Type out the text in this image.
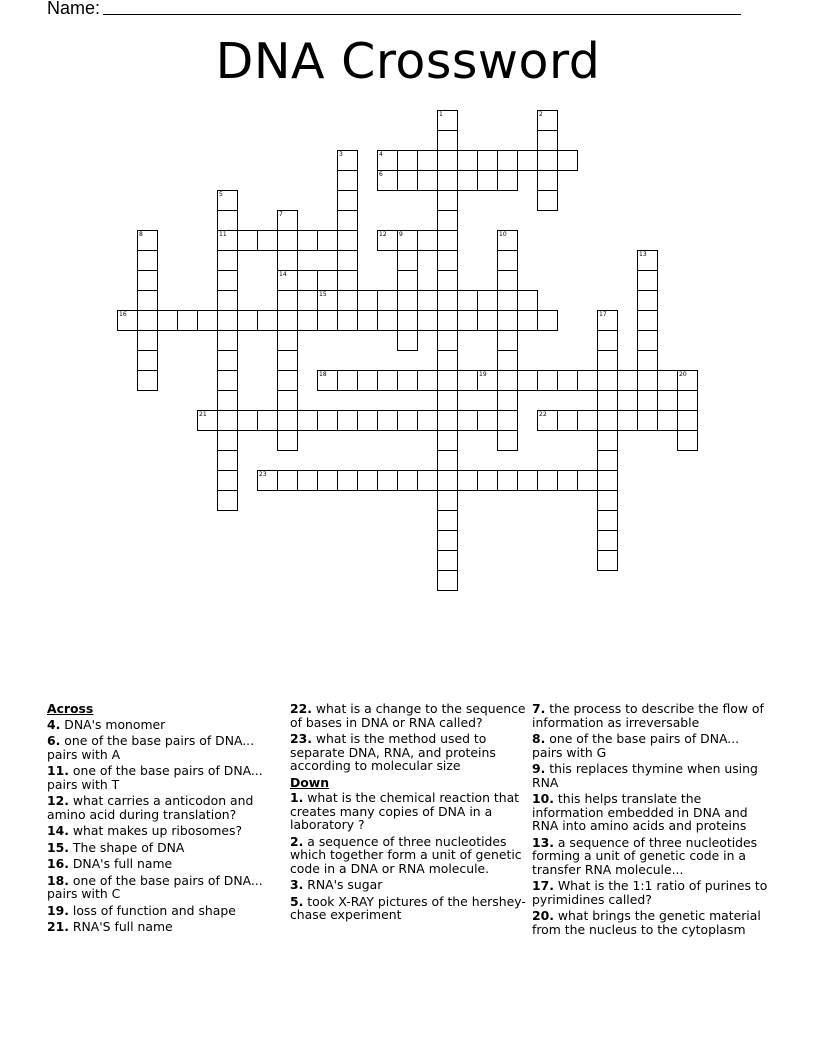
Name:
DNA Crossword
4
6
11	12 9
14
15
16
18	19
21	22
23
1	2
3
5
7
8	10
13
17
20
Across
4. DNA's monomer
6. one of the base pairs of DNA... pairs with A
11. one of the base pairs of DNA... pairs with T
12. what carries a anticodon and amino acid during translation?
14. what makes up ribosomes?
15. The shape of DNA
16. DNA's full name
18. one of the base pairs of DNA... pairs with C
19. loss of function and shape
21. RNA'S full name
22. what is a change to the sequence of bases in DNA or RNA called?
23. what is the method used to separate DNA, RNA, and proteins according to molecular size
Down
1. what is the chemical reaction that creates many copies of DNA in a laboratory ?
2. a sequence of three nucleotides which together form a unit of genetic code in a DNA or RNA molecule.
3. RNA's sugar
5. took X-RAY pictures of the hershey-chase experiment
7. the process to describe the flow of information as irreversable
8. one of the base pairs of DNA... pairs with G
9. this replaces thymine when using RNA
10. this helps translate the information embedded in DNA and RNA into amino acids and proteins
13. a sequence of three nucleotides forming a unit of genetic code in a transfer RNA molecule...
17. What is the 1:1 ratio of purines to pyrimidines called?
20. what brings the genetic material from the nucleus to the cytoplasm
